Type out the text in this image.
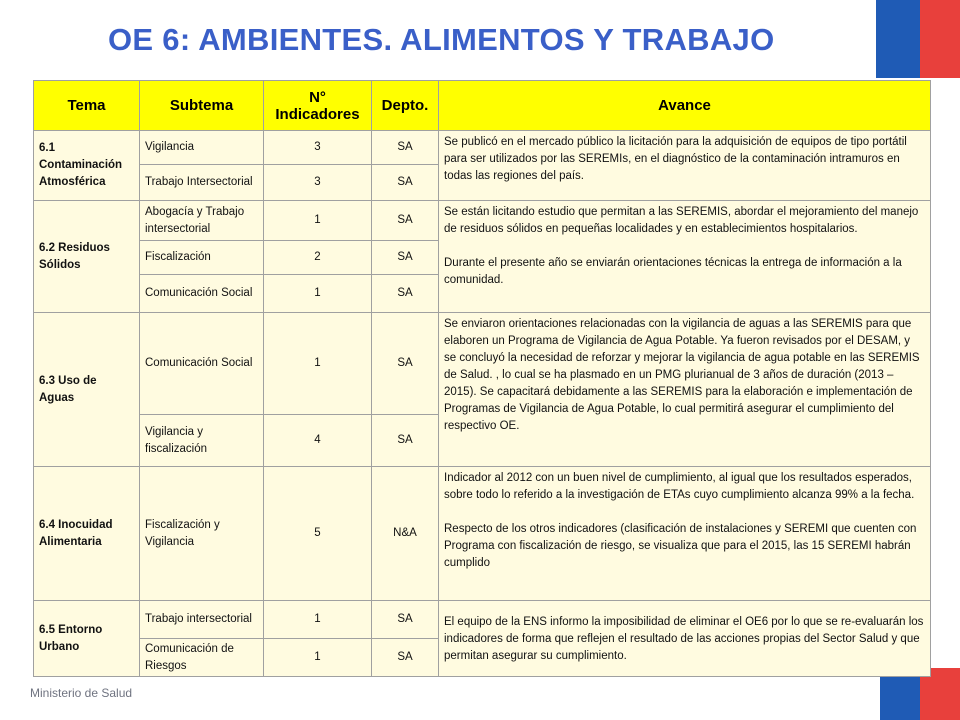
OE 6: AMBIENTES. ALIMENTOS Y TRABAJO
Tema	Subtema	N° Indicadores	Depto.	Avance
6.1 Contaminación Atmosférica	Vigilancia	3	SA	Se publicó en el mercado público la licitación para la adquisición de equipos de tipo portátil para ser utilizados por las SEREMIs, en el diagnóstico de la contaminación intramuros en todas las regiones del país.

	Trabajo Intersectorial	3	SA	
6.2 Residuos Sólidos	Abogacía y Trabajo intersectorial	1	SA	Se están licitando estudio que permitan a las SEREMIS, abordar el mejoramiento del manejo de residuos sólidos en pequeñas localidades y en establecimientos hospitalarios.
Durante el presente año se enviarán orientaciones técnicas la entrega de información a la comunidad.

	Fiscalización	2	SA	
	Comunicación Social	1	SA	
6.3 Uso de Aguas	Comunicación Social	1	SA	Se enviaron orientaciones relacionadas con la vigilancia de aguas a las SEREMIS para que elaboren un Programa de Vigilancia de Agua Potable. Ya fueron revisados por el DESAM, y se concluyó la necesidad de reforzar y mejorar la vigilancia de agua potable en las SEREMIS de Salud. , lo cual se ha plasmado en un PMG plurianual de 3 años de duración (2013 – 2015). Se capacitará debidamente a las SEREMIS para la elaboración e implementación de Programas de Vigilancia de Agua Potable, lo cual permitirá asegurar el cumplimiento del respectivo OE.

	Vigilancia y fiscalización	4	SA	
6.4 Inocuidad Alimentaria	Fiscalización y Vigilancia	5	N&A	Indicador al 2012 con un buen nivel de cumplimiento, al igual que los resultados esperados, sobre todo lo referido a la investigación de ETAs cuyo cumplimiento alcanza 99% a la fecha.
Respecto de los otros indicadores (clasificación de instalaciones y SEREMI que cuenten con Programa con fiscalización de riesgo, se visualiza que para el 2015, las 15 SEREMI habrán cumplido

6.5 Entorno Urbano	Trabajo intersectorial	1	SA	El equipo de la ENS informo la imposibilidad de eliminar el OE6 por lo que se re-evaluarán los indicadores de forma que reflejen el resultado de las acciones propias del Sector Salud y que permitan asegurar su cumplimiento.

	Comunicación de Riesgos	1	SA	
Ministerio de Salud
